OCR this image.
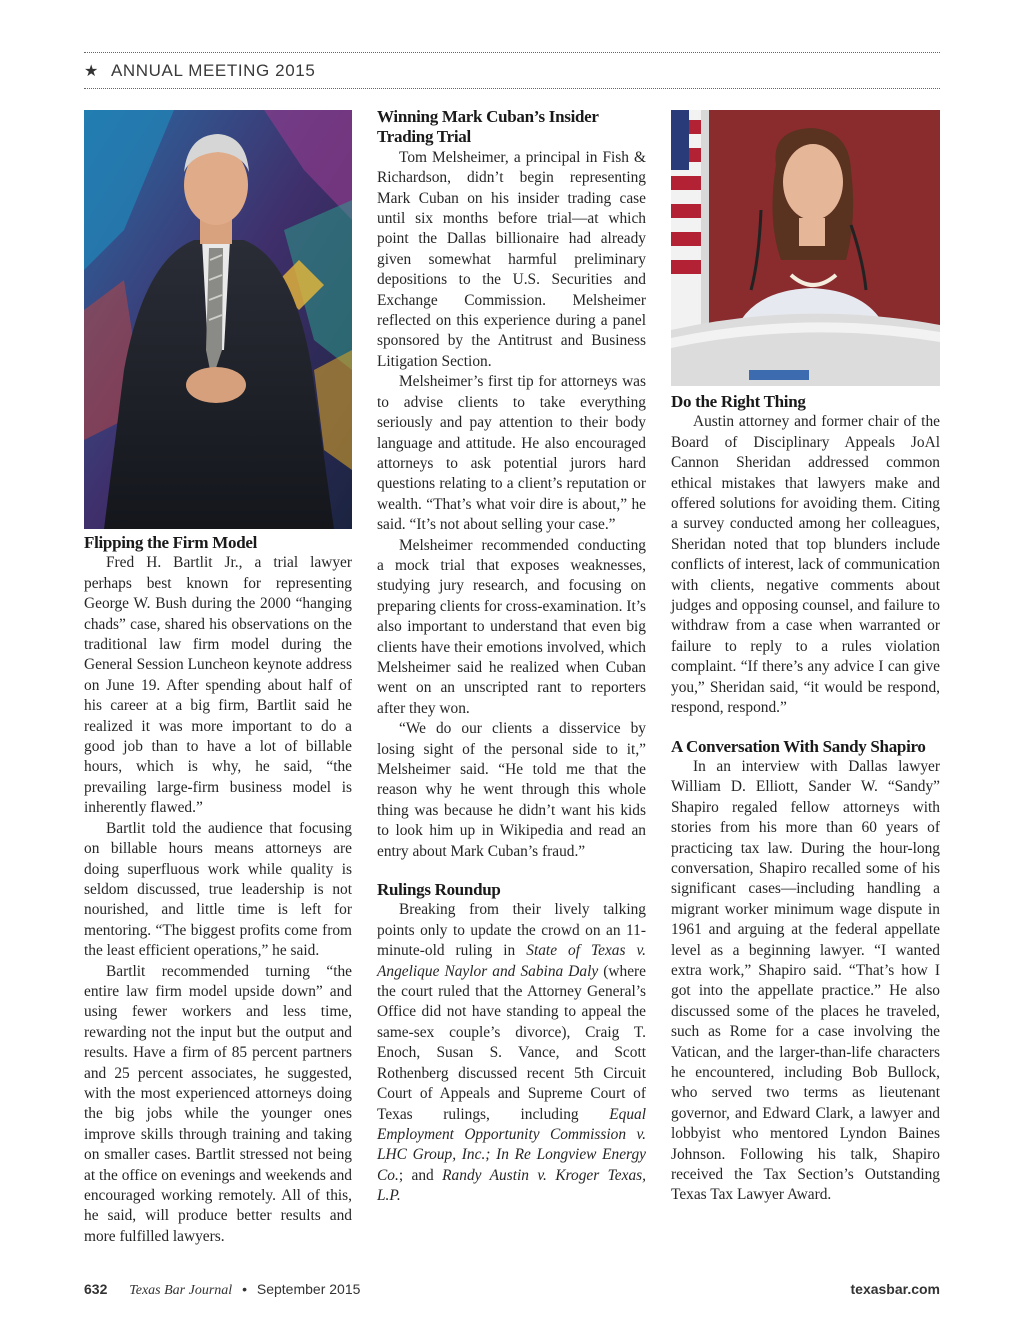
★ ANNUAL MEETING 2015
Flipping the Firm Model

Fred H. Bartlit Jr., a trial lawyer perhaps best known for representing George W. Bush during the 2000 “hanging chads” case, shared his observations on the traditional law firm model during the General Session Luncheon keynote address on June 19. After spending about half of his career at a big firm, Bartlit said he realized it was more important to do a good job than to have a lot of billable hours, which is why, he said, “the prevailing large-firm business model is inherently flawed.”

Bartlit told the audience that focusing on billable hours means attorneys are doing superfluous work while quality is seldom discussed, true leadership is not nourished, and little time is left for mentoring. “The biggest profits come from the least efficient operations,” he said.

Bartlit recommended turning “the entire law firm model upside down” and using fewer workers and less time, rewarding not the input but the output and results. Have a firm of 85 percent partners and 25 percent associates, he suggested, with the most experienced attorneys doing the big jobs while the younger ones improve skills through training and taking on smaller cases. Bartlit stressed not being at the office on evenings and weekends and encouraged working remotely. All of this, he said, will produce better results and more fulfilled lawyers.

Winning Mark Cuban’s Insider Trading Trial

Tom Melsheimer, a principal in Fish & Richardson, didn’t begin representing Mark Cuban on his insider trading case until six months before trial—at which point the Dallas billionaire had already given somewhat harmful preliminary depositions to the U.S. Securities and Exchange Commission. Melsheimer reflected on this experience during a panel sponsored by the Antitrust and Business Litigation Section.

Melsheimer’s first tip for attorneys was to advise clients to take everything seriously and pay attention to their body language and attitude. He also encouraged attorneys to ask potential jurors hard questions relating to a client’s reputation or wealth. “That’s what voir dire is about,” he said. “It’s not about selling your case.”

Melsheimer recommended conducting a mock trial that exposes weaknesses, studying jury research, and focusing on preparing clients for cross-examination. It’s also important to understand that even big clients have their emotions involved, which Melsheimer said he realized when Cuban went on an unscripted rant to reporters after they won.

“We do our clients a disservice by losing sight of the personal side to it,” Melsheimer said. “He told me that the reason why he went through this whole thing was because he didn’t want his kids to look him up in Wikipedia and read an entry about Mark Cuban’s fraud.”

Rulings Roundup

Breaking from their lively talking points only to update the crowd on an 11-minute-old ruling in State of Texas v. Angelique Naylor and Sabina Daly (where the court ruled that the Attorney General’s Office did not have standing to appeal the same-sex couple’s divorce), Craig T. Enoch, Susan S. Vance, and Scott Rothenberg discussed recent 5th Circuit Court of Appeals and Supreme Court of Texas rulings, including Equal Employment Opportunity Commission v. LHC Group, Inc.; In Re Longview Energy Co.; and Randy Austin v. Kroger Texas, L.P.

Do the Right Thing

Austin attorney and former chair of the Board of Disciplinary Appeals JoAl Cannon Sheridan addressed common ethical mistakes that lawyers make and offered solutions for avoiding them. Citing a survey conducted among her colleagues, Sheridan noted that top blunders include conflicts of interest, lack of communication with clients, negative comments about judges and opposing counsel, and failure to withdraw from a case when warranted or failure to reply to a rules violation complaint. “If there’s any advice I can give you,” Sheridan said, “it would be respond, respond, respond.”

A Conversation With Sandy Shapiro

In an interview with Dallas lawyer William D. Elliott, Sander W. “Sandy” Shapiro regaled fellow attorneys with stories from his more than 60 years of practicing tax law. During the hour-long conversation, Shapiro recalled some of his significant cases—including handling a migrant worker minimum wage dispute in 1961 and arguing at the federal appellate level as a beginning lawyer. “I wanted extra work,” Shapiro said. “That’s how I got into the appellate practice.” He also discussed some of the places he traveled, such as Rome for a case involving the Vatican, and the larger-than-life characters he encountered, including Bob Bullock, who served two terms as lieutenant governor, and Edward Clark, a lawyer and lobbyist who mentored Lyndon Baines Johnson. Following his talk, Shapiro received the Tax Section’s Outstanding Texas Tax Lawyer Award.

632 Texas Bar Journal • September 2015	texasbar.com
